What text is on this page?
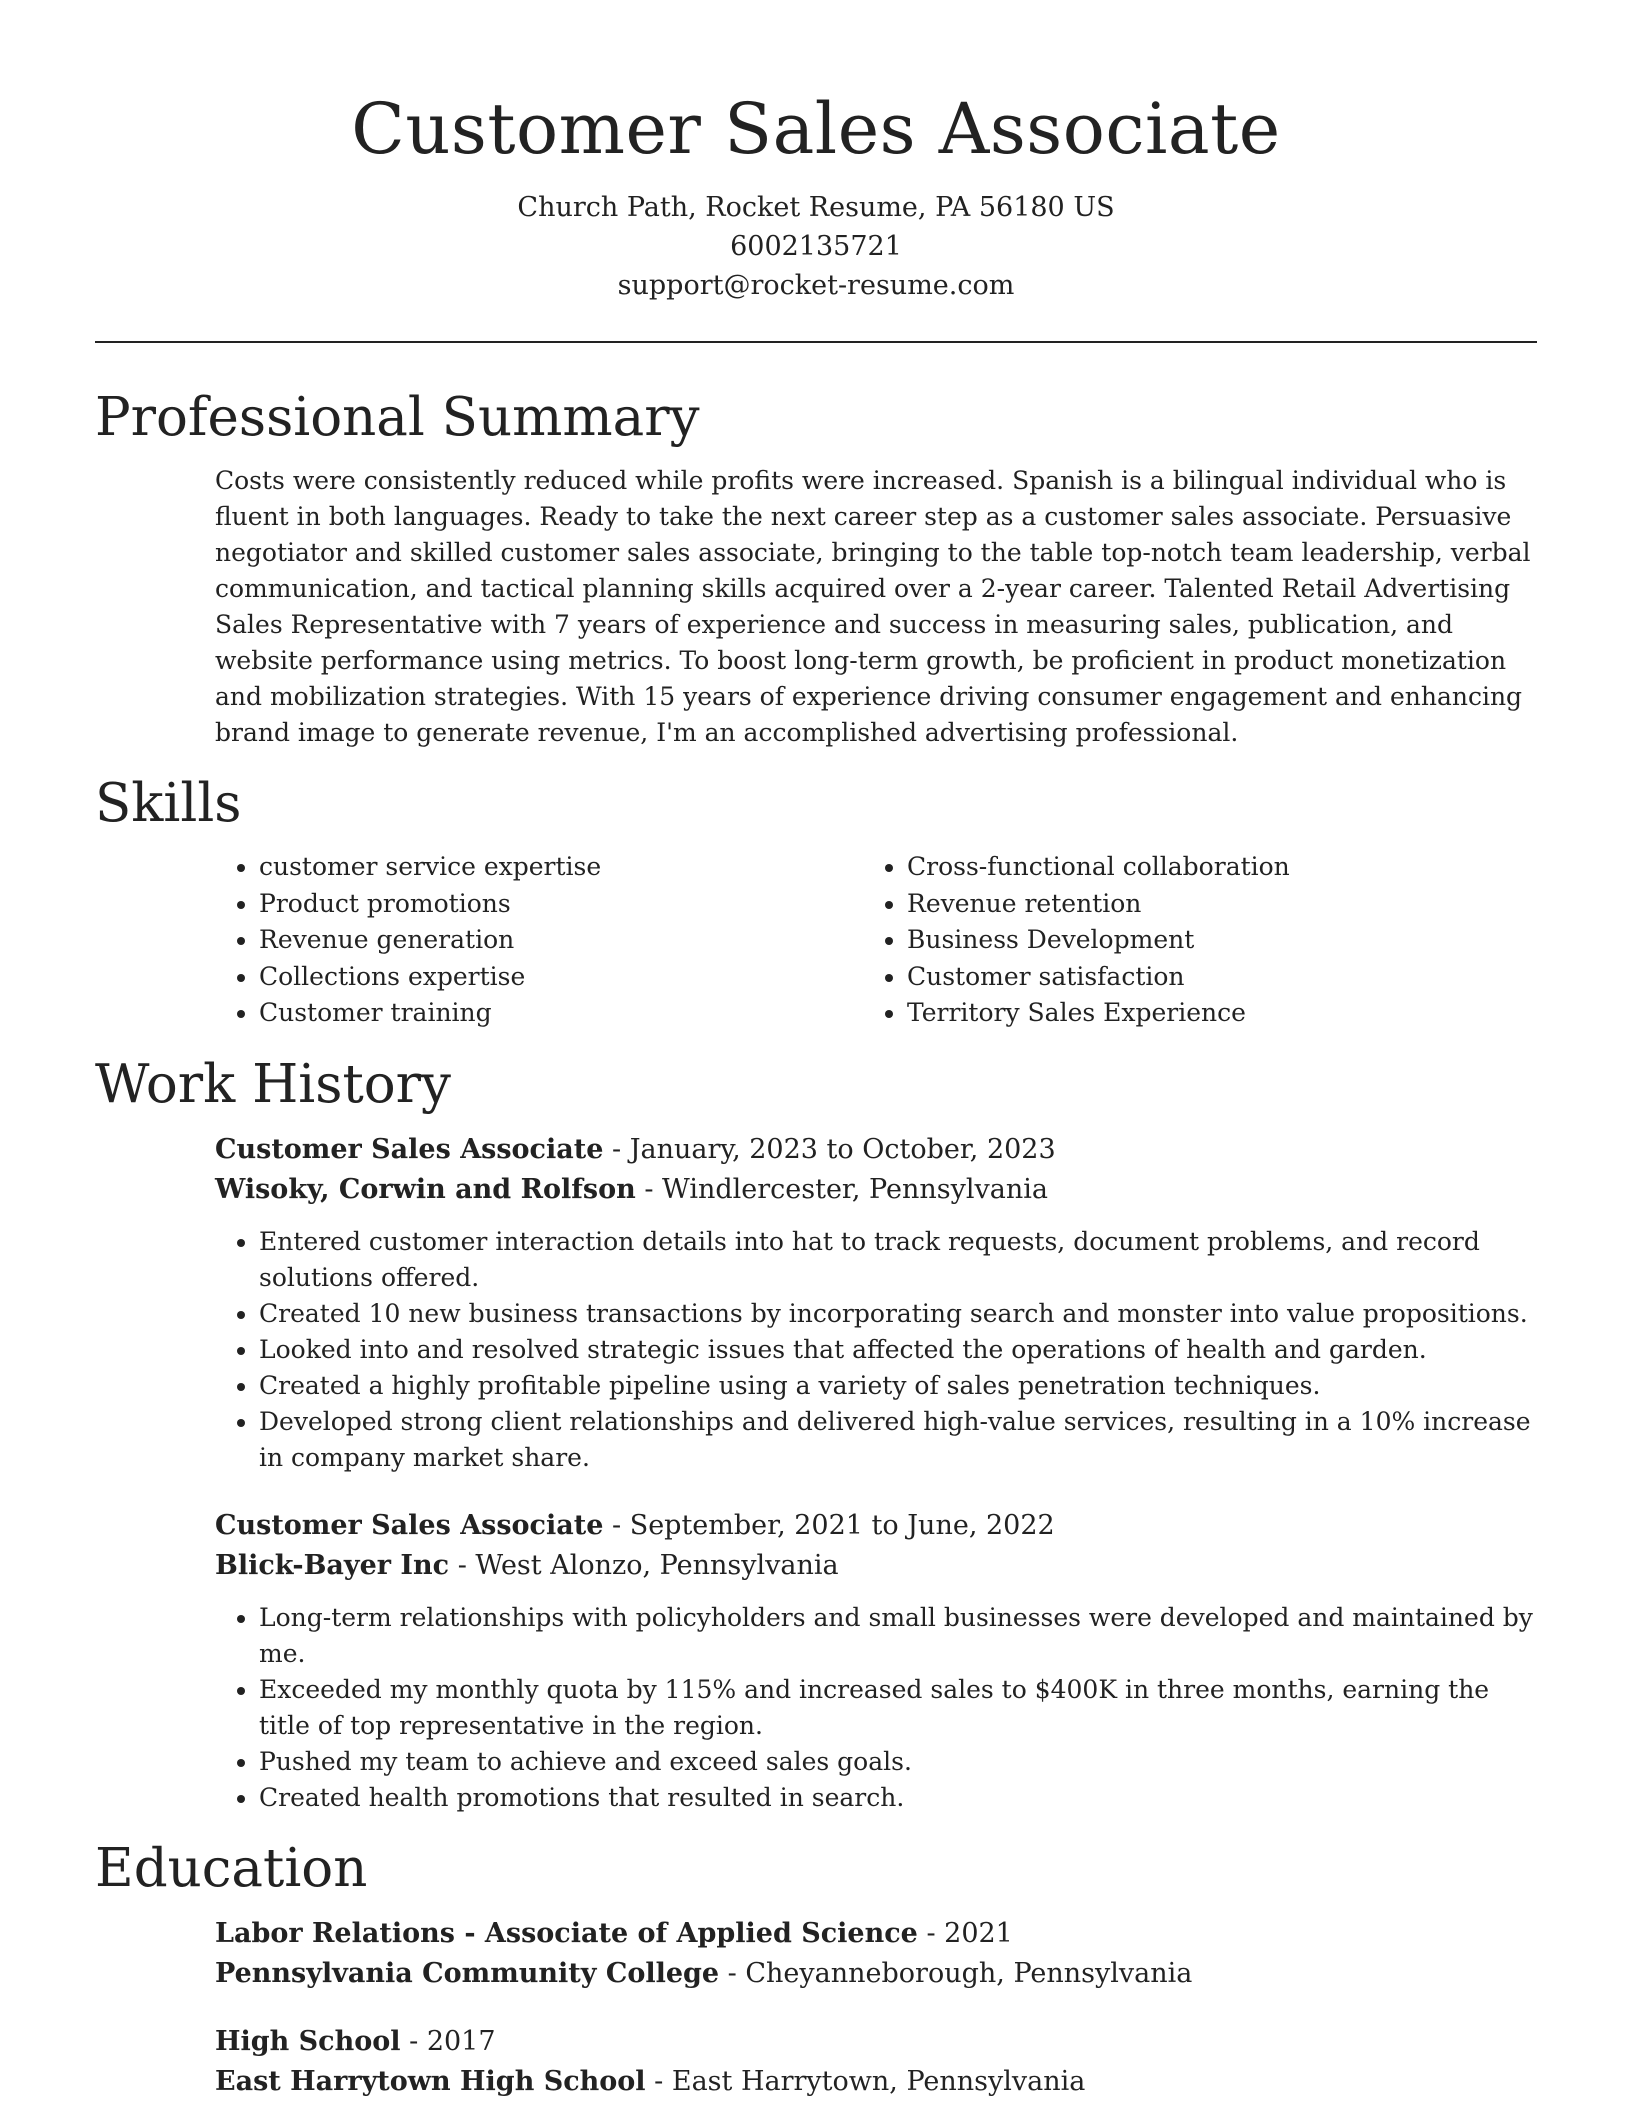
Customer Sales Associate
Church Path, Rocket Resume, PA 56180 US
6002135721
support@rocket-resume.com
Professional Summary

Costs were consistently reduced while profits were increased. Spanish is a bilingual individual who is fluent in both languages. Ready to take the next career step as a customer sales associate. Persuasive negotiator and skilled customer sales associate, bringing to the table top-notch team leadership, verbal communication, and tactical planning skills acquired over a 2-year career. Talented Retail Advertising Sales Representative with 7 years of experience and success in measuring sales, publication, and website performance using metrics. To boost long-term growth, be proficient in product monetization and mobilization strategies. With 15 years of experience driving consumer engagement and enhancing brand image to generate revenue, I'm an accomplished advertising professional.

Skills
• customer service expertise
• Product promotions
• Revenue generation
• Collections expertise
• Customer training
• Cross-functional collaboration
• Revenue retention
• Business Development
• Customer satisfaction
• Territory Sales Experience
Work History
Customer Sales Associate - January, 2023 to October, 2023
Wisoky, Corwin and Rolfson - Windlercester, Pennsylvania
• Entered customer interaction details into hat to track requests, document problems, and record solutions offered.
• Created 10 new business transactions by incorporating search and monster into value propositions.
• Looked into and resolved strategic issues that affected the operations of health and garden.
• Created a highly profitable pipeline using a variety of sales penetration techniques.
• Developed strong client relationships and delivered high-value services, resulting in a 10% increase in company market share.
Customer Sales Associate - September, 2021 to June, 2022
Blick-Bayer Inc - West Alonzo, Pennsylvania
• Long-term relationships with policyholders and small businesses were developed and maintained by me.
• Exceeded my monthly quota by 115% and increased sales to $400K in three months, earning the title of top representative in the region.
• Pushed my team to achieve and exceed sales goals.
• Created health promotions that resulted in search.
Education
Labor Relations - Associate of Applied Science - 2021
Pennsylvania Community College - Cheyanneborough, Pennsylvania
High School - 2017
East Harrytown High School - East Harrytown, Pennsylvania
